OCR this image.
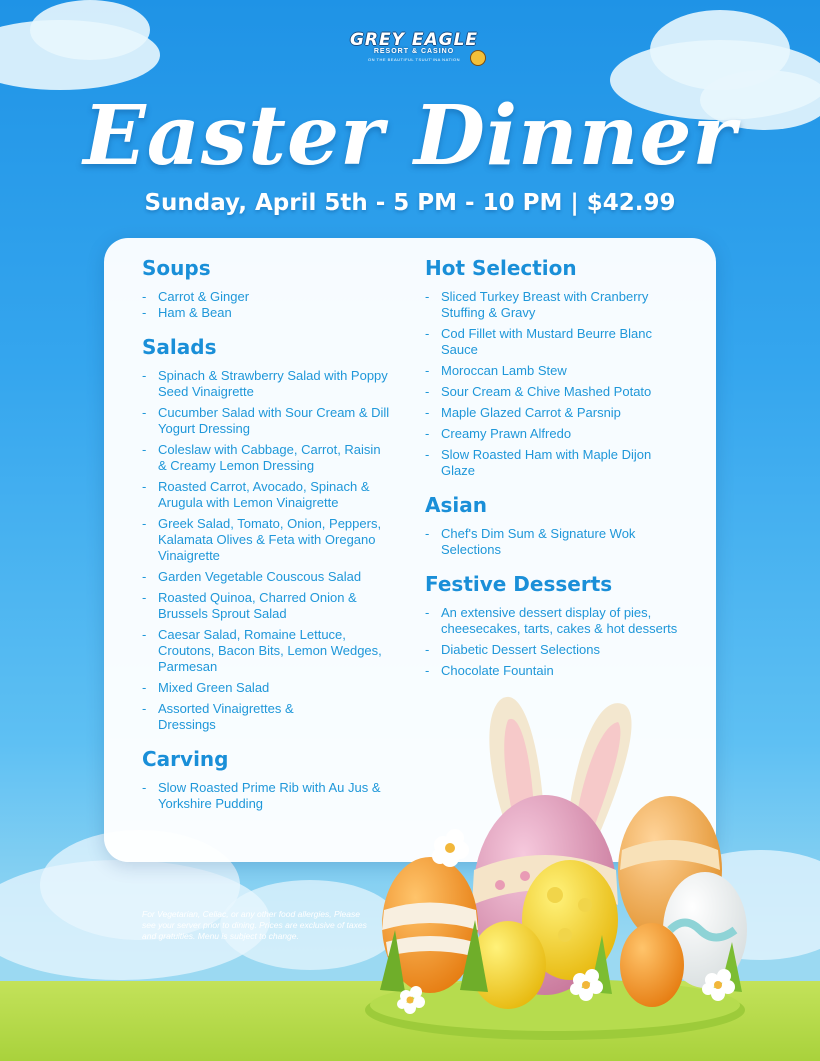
GREY EAGLE
RESORT & CASINO
ON THE BEAUTIFUL TSUUT'INA NATION
Easter Dinner
Sunday, April 5th - 5 PM - 10 PM | $42.99
Soups
- Carrot & Ginger
- Ham & Bean
Salads
- Spinach & Strawberry Salad with Poppy Seed Vinaigrette
- Cucumber Salad with Sour Cream & Dill Yogurt Dressing
- Coleslaw with Cabbage, Carrot, Raisin & Creamy Lemon Dressing
- Roasted Carrot, Avocado, Spinach & Arugula with Lemon Vinaigrette
- Greek Salad, Tomato, Onion, Peppers, Kalamata Olives & Feta with Oregano Vinaigrette
- Garden Vegetable Couscous Salad
- Roasted Quinoa, Charred Onion & Brussels Sprout Salad
- Caesar Salad, Romaine Lettuce, Croutons, Bacon Bits, Lemon Wedges, Parmesan
- Mixed Green Salad
- Assorted Vinaigrettes & Dressings
Carving
- Slow Roasted Prime Rib with Au Jus & Yorkshire Pudding
Hot Selection
- Sliced Turkey Breast with Cranberry Stuffing & Gravy
- Cod Fillet with Mustard Beurre Blanc Sauce
- Moroccan Lamb Stew
- Sour Cream & Chive Mashed Potato
- Maple Glazed Carrot & Parsnip
- Creamy Prawn Alfredo
- Slow Roasted Ham with Maple Dijon Glaze
Asian
- Chef's Dim Sum & Signature Wok Selections
Festive Desserts
- An extensive dessert display of pies, cheesecakes, tarts, cakes & hot desserts
- Diabetic Dessert Selections
- Chocolate Fountain
For Vegetarian, Celiac, or any other food allergies, Please see your server prior to dining. Prices are exclusive of taxes and gratuities. Menu is subject to change.
